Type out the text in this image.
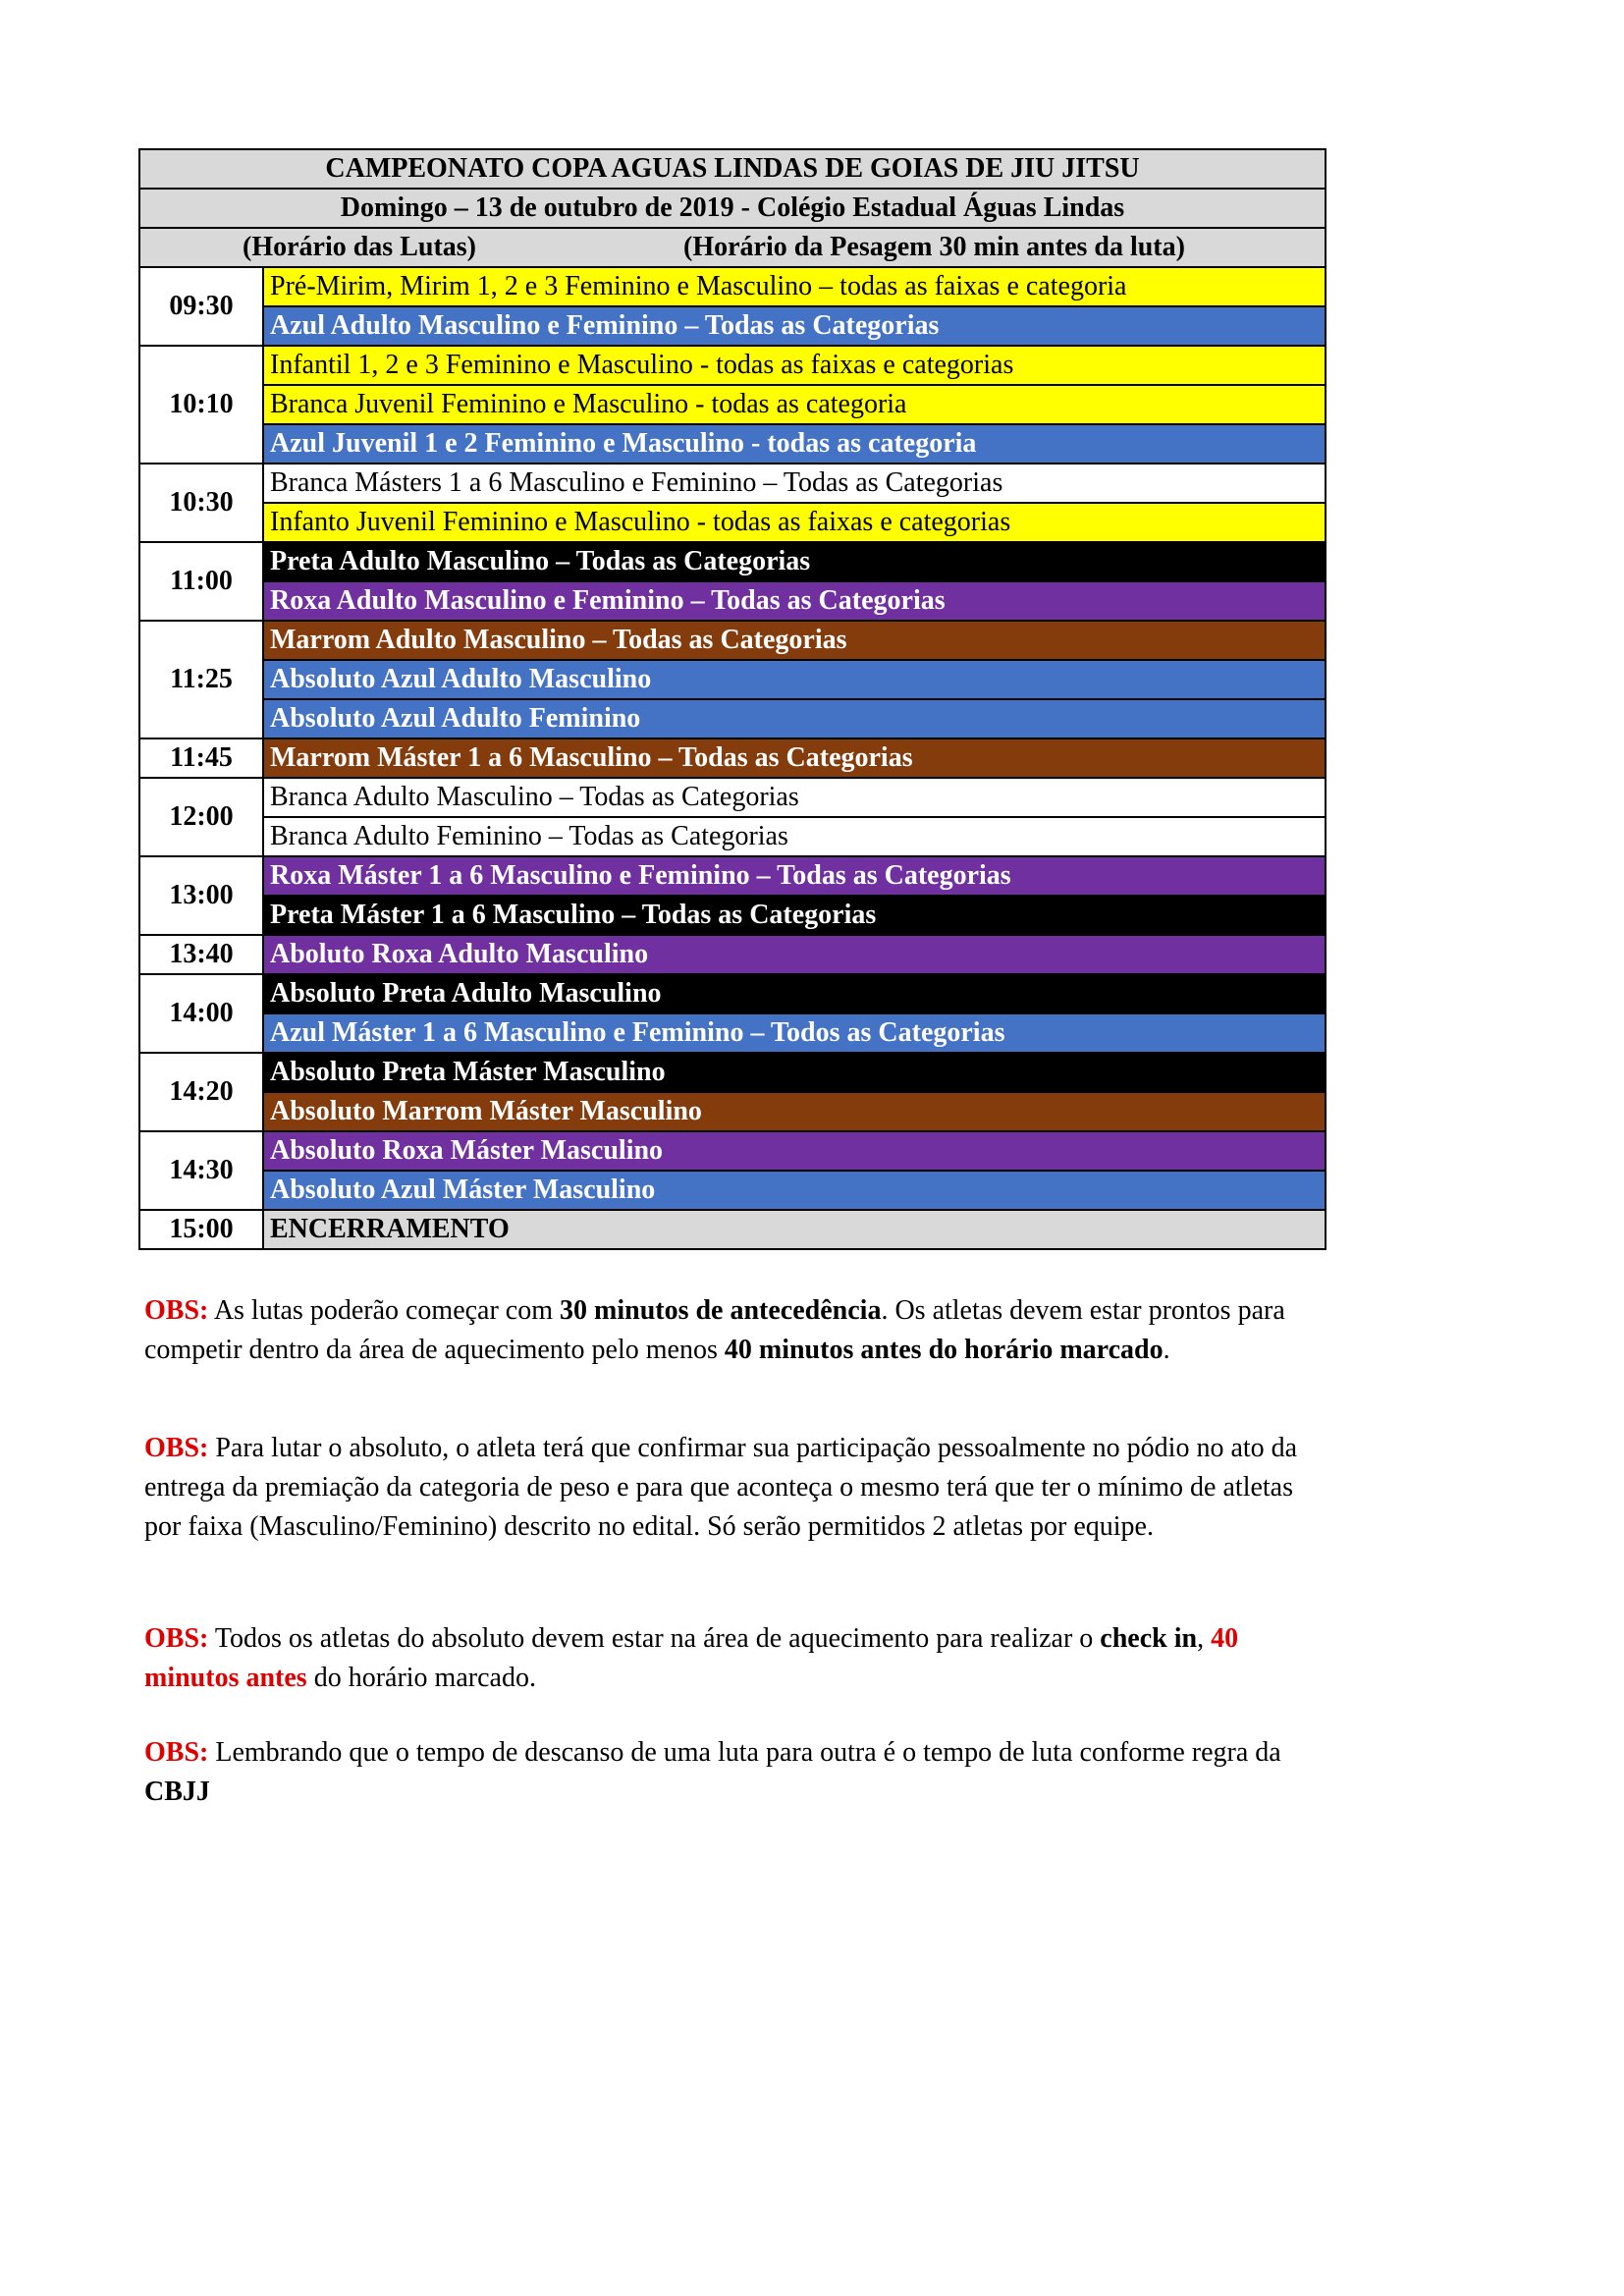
CAMPEONATO COPA AGUAS LINDAS DE GOIAS DE JIU JITSU	
Domingo – 13 de outubro de 2019 - Colégio Estadual Águas Lindas	

(Horário das Lutas) (Horário da Pesagem 30 min antes da luta)	

09:30	Pré-Mirim, Mirim 1, 2 e 3 Feminino e Masculino – todas as faixas e categoria
	Azul Adulto Masculino e Feminino – Todas as Categorias
10:10	Infantil 1, 2 e 3 Feminino e Masculino - todas as faixas e categorias
	Branca Juvenil Feminino e Masculino - todas as categoria
	Azul Juvenil 1 e 2 Feminino e Masculino - todas as categoria
10:30	Branca Másters 1 a 6 Masculino e Feminino – Todas as Categorias
	Infanto Juvenil Feminino e Masculino - todas as faixas e categorias
11:00	Preta Adulto Masculino – Todas as Categorias
	Roxa Adulto Masculino e Feminino – Todas as Categorias
11:25	Marrom Adulto Masculino – Todas as Categorias
	Absoluto Azul Adulto Masculino
	Absoluto Azul Adulto Feminino
11:45	Marrom Máster 1 a 6 Masculino – Todas as Categorias
12:00	Branca Adulto Masculino – Todas as Categorias
	Branca Adulto Feminino – Todas as Categorias
13:00	Roxa Máster 1 a 6 Masculino e Feminino – Todas as Categorias
	Preta Máster 1 a 6 Masculino – Todas as Categorias
13:40	Aboluto Roxa Adulto Masculino
14:00	Absoluto Preta Adulto Masculino
	Azul Máster 1 a 6 Masculino e Feminino – Todos as Categorias
14:20	Absoluto Preta Máster Masculino
	Absoluto Marrom Máster Masculino
14:30	Absoluto Roxa Máster Masculino
	Absoluto Azul Máster Masculino
15:00	ENCERRAMENTO
OBS: As lutas poderão começar com 30 minutos de antecedência. Os atletas devem estar prontos para competir dentro da área de aquecimento pelo menos 40 minutos antes do horário marcado.
OBS: Para lutar o absoluto, o atleta terá que confirmar sua participação pessoalmente no pódio no ato da entrega da premiação da categoria de peso e para que aconteça o mesmo terá que ter o mínimo de atletas por faixa (Masculino/Feminino) descrito no edital. Só serão permitidos 2 atletas por equipe.
OBS: Todos os atletas do absoluto devem estar na área de aquecimento para realizar o check in, 40 minutos antes do horário marcado.
OBS: Lembrando que o tempo de descanso de uma luta para outra é o tempo de luta conforme regra da CBJJ
